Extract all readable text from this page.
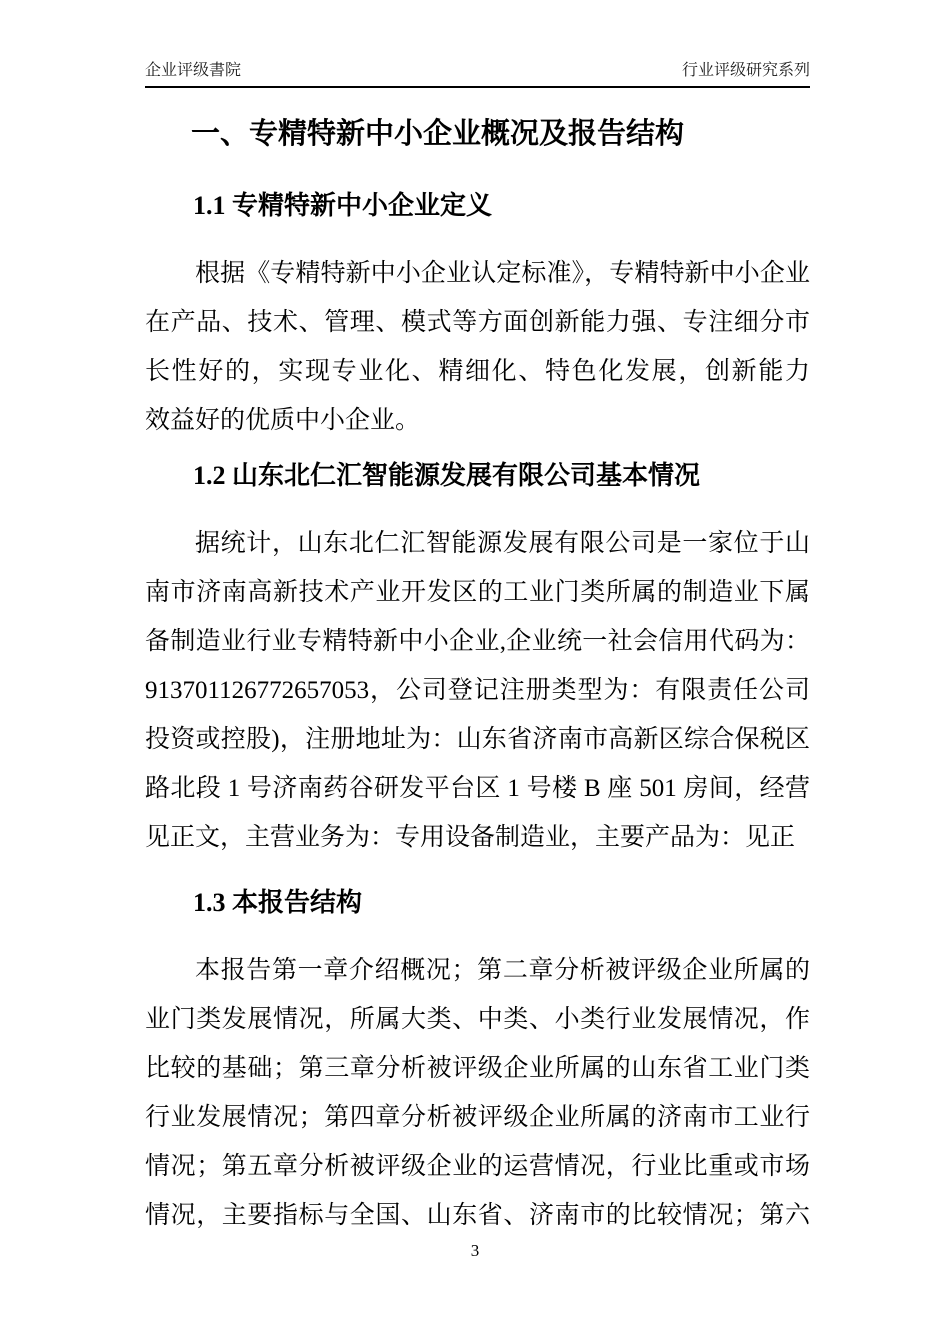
企业评级書院	行业评级研究系列
一、专精特新中小企业概况及报告结构
1.1 专精特新中小企业定义
根据《专精特新中小企业认定标准》，专精特新中小企业
在产品、技术、管理、模式等方面创新能力强、专注细分市
长性好的，实现专业化、精细化、特色化发展，创新能力
效益好的优质中小企业。
1.2 山东北仁汇智能源发展有限公司基本情况
据统计，山东北仁汇智能源发展有限公司是一家位于山
南市济南高新技术产业开发区的工业门类所属的制造业下属
备制造业行业专精特新中小企业,企业统一社会信用代码为：
913701126772657053，公司登记注册类型为：有限责任公司
投资或控股)，注册地址为：山东省济南市高新区综合保税区
路北段 1 号济南药谷研发平台区 1 号楼 B 座 501 房间，经营
见正文，主营业务为：专用设备制造业，主要产品为：见正
1.3 本报告结构
本报告第一章介绍概况；第二章分析被评级企业所属的
业门类发展情况，所属大类、中类、小类行业发展情况，作
比较的基础；第三章分析被评级企业所属的山东省工业门类
行业发展情况；第四章分析被评级企业所属的济南市工业行
情况；第五章分析被评级企业的运营情况，行业比重或市场
情况，主要指标与全国、山东省、济南市的比较情况；第六
3
